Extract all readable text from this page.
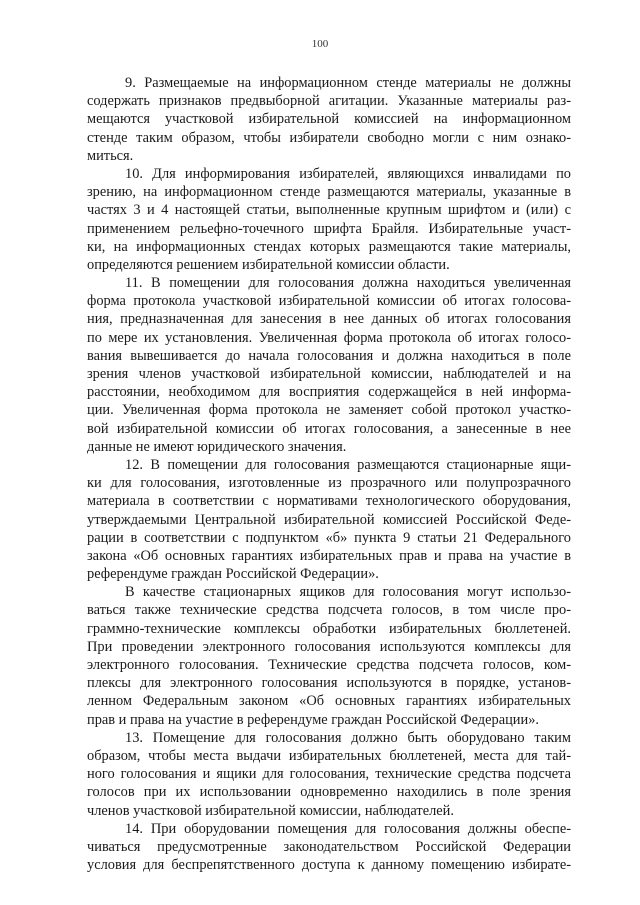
100
9. Размещаемые на информационном стенде материалы не должны
содержать признаков предвыборной агитации. Указанные материалы раз-
мещаются участковой избирательной комиссией на информационном
стенде таким образом, чтобы избиратели свободно могли с ним ознако-
миться.
10. Для информирования избирателей, являющихся инвалидами по
зрению, на информационном стенде размещаются материалы, указанные в
частях 3 и 4 настоящей статьи, выполненные крупным шрифтом и (или) с
применением рельефно-точечного шрифта Брайля. Избирательные участ-
ки, на информационных стендах которых размещаются такие материалы,
определяются решением избирательной комиссии области.
11. В помещении для голосования должна находиться увеличенная
форма протокола участковой избирательной комиссии об итогах голосова-
ния, предназначенная для занесения в нее данных об итогах голосования
по мере их установления. Увеличенная форма протокола об итогах голосо-
вания вывешивается до начала голосования и должна находиться в поле
зрения членов участковой избирательной комиссии, наблюдателей и на
расстоянии, необходимом для восприятия содержащейся в ней информа-
ции. Увеличенная форма протокола не заменяет собой протокол участко-
вой избирательной комиссии об итогах голосования, а занесенные в нее
данные не имеют юридического значения.
12. В помещении для голосования размещаются стационарные ящи-
ки для голосования, изготовленные из прозрачного или полупрозрачного
материала в соответствии с нормативами технологического оборудования,
утверждаемыми Центральной избирательной комиссией Российской Феде-
рации в соответствии с подпунктом «б» пункта 9 статьи 21 Федерального
закона «Об основных гарантиях избирательных прав и права на участие в
референдуме граждан Российской Федерации».
В качестве стационарных ящиков для голосования могут использо-
ваться также технические средства подсчета голосов, в том числе про-
граммно-технические комплексы обработки избирательных бюллетеней.
При проведении электронного голосования используются комплексы для
электронного голосования. Технические средства подсчета голосов, ком-
плексы для электронного голосования используются в порядке, установ-
ленном Федеральным законом «Об основных гарантиях избирательных
прав и права на участие в референдуме граждан Российской Федерации».
13. Помещение для голосования должно быть оборудовано таким
образом, чтобы места выдачи избирательных бюллетеней, места для тай-
ного голосования и ящики для голосования, технические средства подсчета
голосов при их использовании одновременно находились в поле зрения
членов участковой избирательной комиссии, наблюдателей.
14. При оборудовании помещения для голосования должны обеспе-
чиваться предусмотренные законодательством Российской Федерации
условия для беспрепятственного доступа к данному помещению избирате-
